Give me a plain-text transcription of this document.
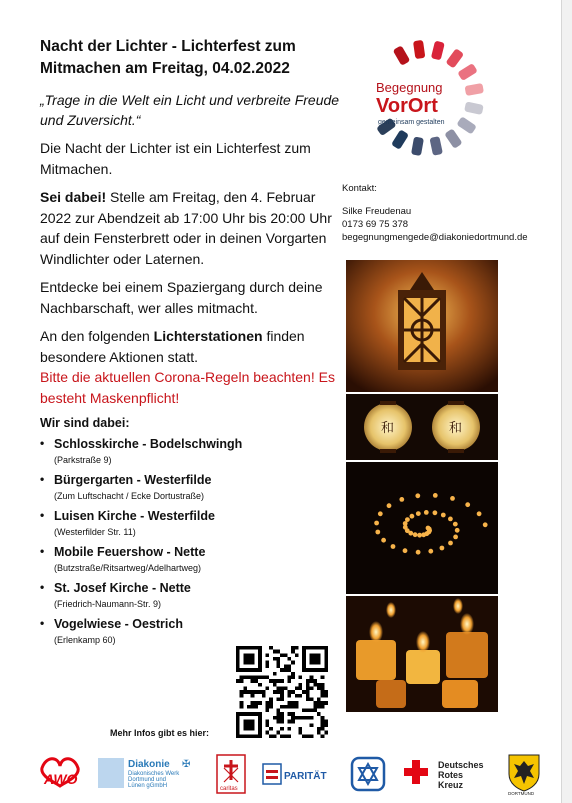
Nacht der Lichter - Lichterfest zum Mitmachen am Freitag, 04.02.2022

„Trage in die Welt ein Licht und verbreite Freude und Zuversicht.“

Die Nacht der Lichter ist ein Lichterfest zum Mitmachen.

Sei dabei! Stelle am Freitag, den 4. Februar 2022 zur Abendzeit ab 17:00 Uhr bis 20:00 Uhr auf dein Fensterbrett oder in deinen Vorgarten Windlichter oder Laternen.

Entdecke bei einem Spaziergang durch deine Nachbarschaft, wer alles mitmacht.

An den folgenden Lichterstationen finden besondere Aktionen statt.

Bitte die aktuellen Corona-Regeln beachten! Es besteht Maskenpflicht!

Wir sind dabei:
• Schlosskirche - Bodelschwingh
(Parkstraße 9)
• Bürgergarten - Westerfilde
(Zum Luftschacht / Ecke Dortustraße)
• Luisen Kirche - Westerfilde
(Westerfilder Str. 11)
• Mobile Feuershow - Nette
(Butzstraße/Ritsartweg/Adelhartweg)
• St. Josef Kirche - Nette
(Friedrich-Naumann-Str. 9)
• Vogelwiese - Oestrich
(Erlenkamp 60)
Begegnung
VorOrt
gemeinsam gestalten
Kontakt:
Silke Freudenau
0173 69 75 378
begegnungmengede@diakoniedortmund.de
和	和
Mehr Infos gibt es hier:
AWO
Diakonie ✠
Diakonisches Werk
Dortmund und
Lünen gGmbH	caritas
PARITÄT
Deutsches
Rotes
Kreuz
DORTMUND
